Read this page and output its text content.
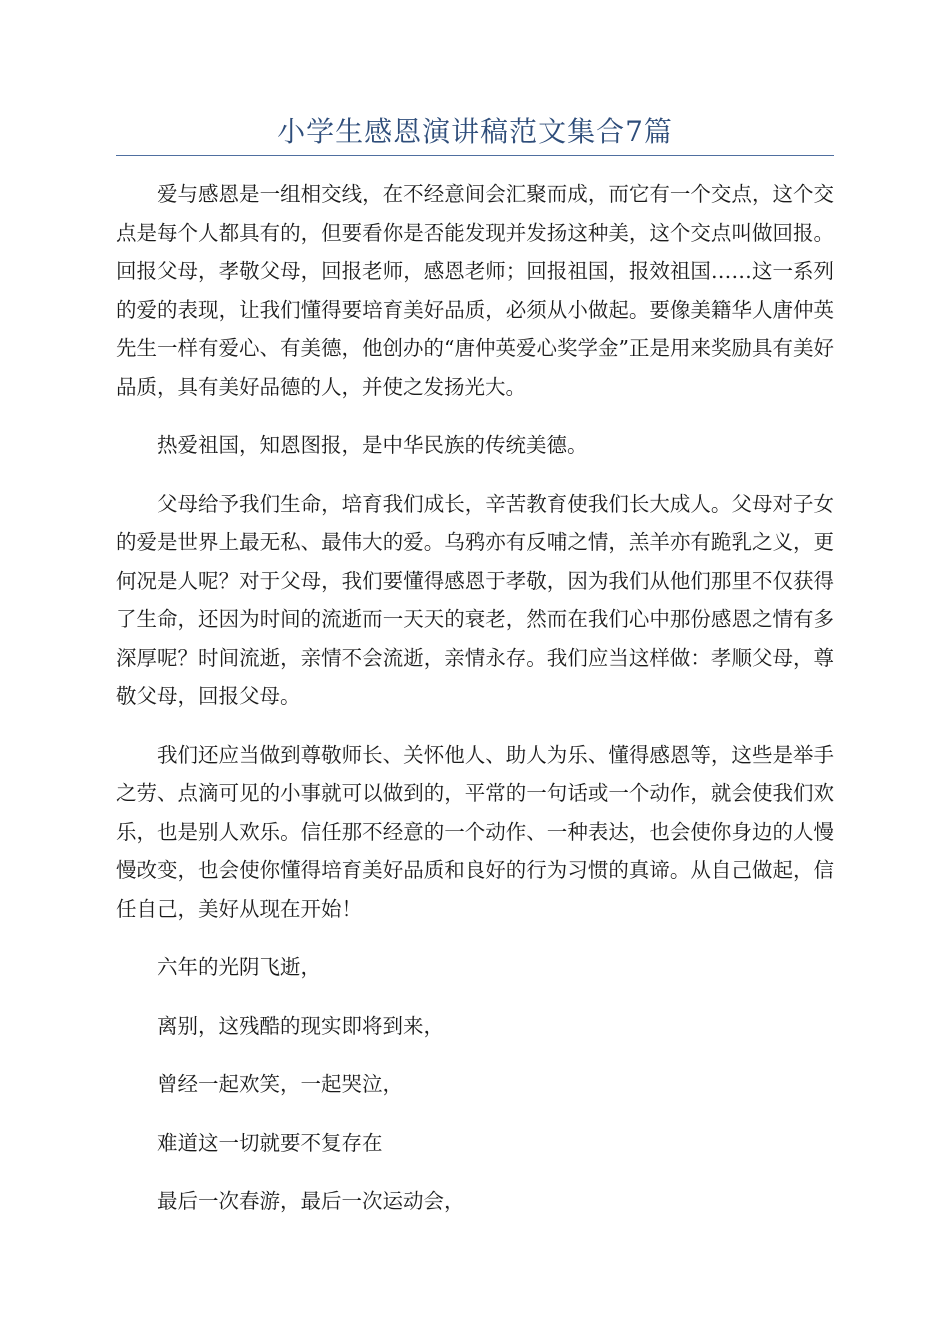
小学生感恩演讲稿范文集合7篇

爱与感恩是一组相交线，在不经意间会汇聚而成，而它有一个交点，这个交点是每个人都具有的，但要看你是否能发现并发扬这种美，这个交点叫做回报。回报父母，孝敬父母，回报老师，感恩老师；回报祖国，报效祖国……这一系列的爱的表现，让我们懂得要培育美好品质，必须从小做起。要像美籍华人唐仲英先生一样有爱心、有美德，他创办的“唐仲英爱心奖学金”正是用来奖励具有美好品质，具有美好品德的人，并使之发扬光大。

热爱祖国，知恩图报，是中华民族的传统美德。

父母给予我们生命，培育我们成长，辛苦教育使我们长大成人。父母对子女的爱是世界上最无私、最伟大的爱。乌鸦亦有反哺之情，羔羊亦有跪乳之义，更何况是人呢？对于父母，我们要懂得感恩于孝敬，因为我们从他们那里不仅获得了生命，还因为时间的流逝而一天天的衰老，然而在我们心中那份感恩之情有多深厚呢？时间流逝，亲情不会流逝，亲情永存。我们应当这样做：孝顺父母，尊敬父母，回报父母。

我们还应当做到尊敬师长、关怀他人、助人为乐、懂得感恩等，这些是举手之劳、点滴可见的小事就可以做到的，平常的一句话或一个动作，就会使我们欢乐，也是别人欢乐。信任那不经意的一个动作、一种表达，也会使你身边的人慢慢改变，也会使你懂得培育美好品质和良好的行为习惯的真谛。从自己做起，信任自己，美好从现在开始！

六年的光阴飞逝，

离别，这残酷的现实即将到来，

曾经一起欢笑，一起哭泣，

难道这一切就要不复存在

最后一次春游，最后一次运动会，
